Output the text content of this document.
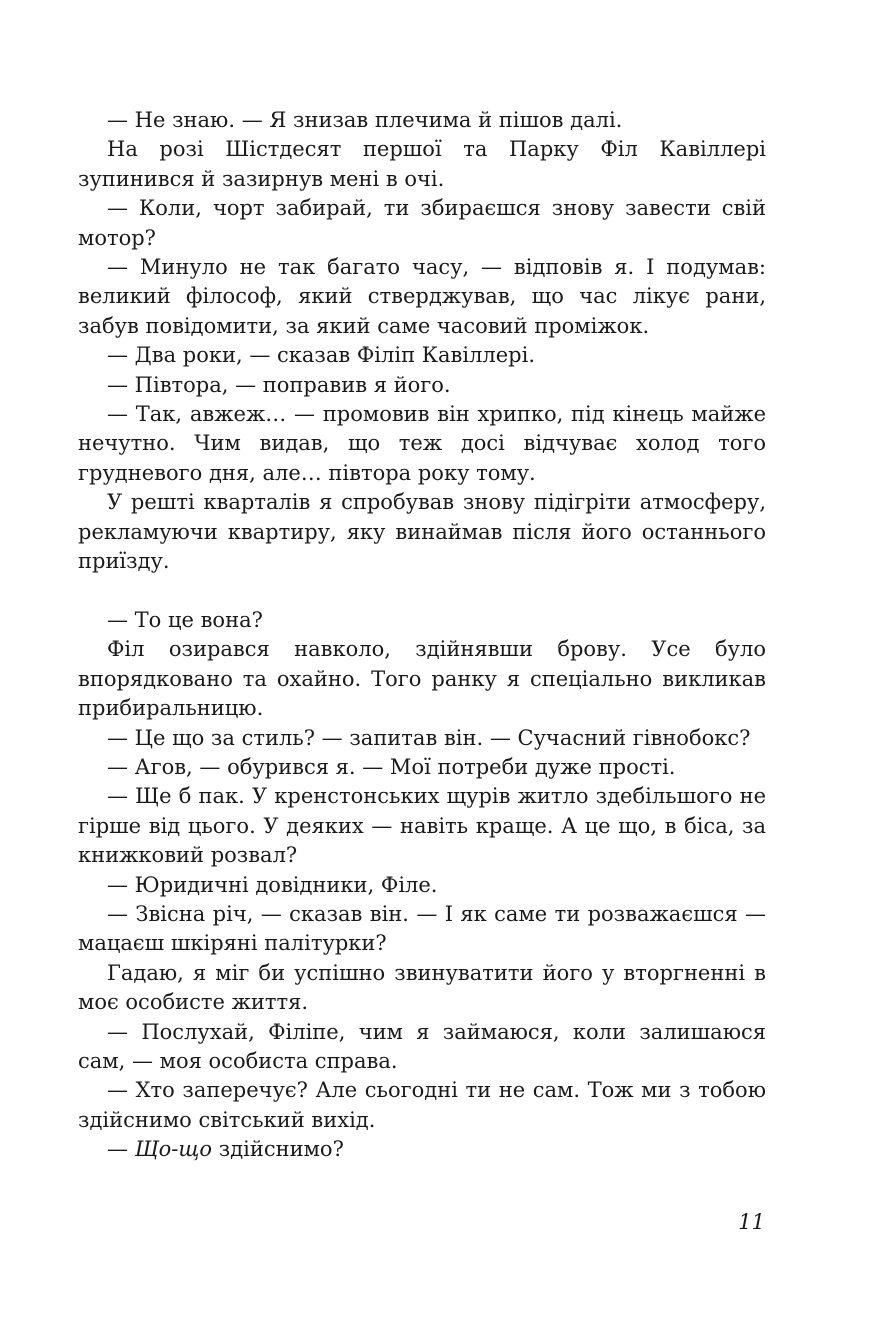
— Не знаю. — Я знизав плечима й пішов далі.

На розі Шістдесят першої та Парку Філ Кавіллері зупинився й зазирнув мені в очі.

— Коли, чорт забирай, ти збираєшся знову завести свій мотор?

— Минуло не так багато часу, — відповів я. І подумав: великий філософ, який стверджував, що час лікує рани, забув повідомити, за який саме часовий проміжок.

— Два роки, — сказав Філіп Кавіллері.

— Півтора, — поправив я його.

— Так, авжеж… — промовив він хрипко, під кінець майже нечутно. Чим видав, що теж досі відчуває холод того грудневого дня, але… півтора року тому.

У решті кварталів я спробував знову підігріти атмосферу, рекламуючи квартиру, яку винаймав після його останнього приїзду.

— То це вона?

Філ озирався навколо, здійнявши брову. Усе було впорядковано та охайно. Того ранку я спеціально викликав прибиральницю.

— Це що за стиль? — запитав він. — Сучасний гівнобокс?

— Агов, — обурився я. — Мої потреби дуже прості.

— Ще б пак. У кренстонських щурів житло здебільшого не гірше від цього. У деяких — навіть краще. А це що, в біса, за книжковий розвал?

— Юридичні довідники, Філе.

— Звісна річ, — сказав він. — І як саме ти розважаєшся — мацаєш шкіряні палітурки?

Гадаю, я міг би успішно звинуватити його у вторгненні в моє особисте життя.

— Послухай, Філіпе, чим я займаюся, коли залишаюся сам, — моя особиста справа.

— Хто заперечує? Але сьогодні ти не сам. Тож ми з тобою здійснимо світський вихід.

— Що-що здійснимо?

11
